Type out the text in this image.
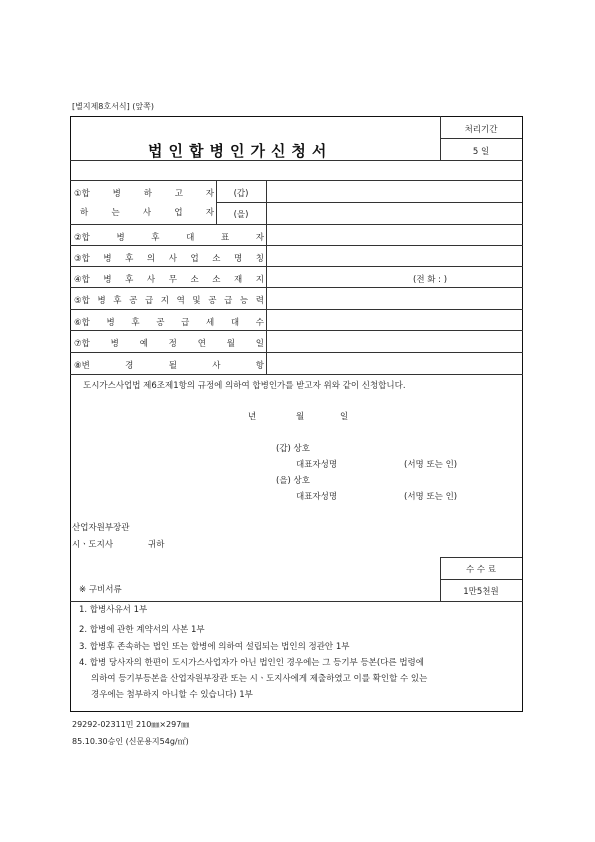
[별지제8호서식] (앞쪽)
법인합병인가신청서
처리기간
5 일
①합	병	하	고	자
하	는	사	업	자
(갑)
(을)
②합	병	후	대	표	자
③합 병 후 의 사 업 소 명 칭
④합 병 후 사 무 소 소 재 지	(전 화 : )
⑤합 병 후 공 급 지 역 및 공 급 능 력
⑥합 병 후 공 급 세 대 수
⑦합 병 예 정 연 월 일
⑧변	경	될	사	항
도시가스사업법 제6조제1항의 규정에 의하여 합병인가를 받고자 위와 같이 신청합니다.
년	월	일
(갑) 상호
대표자성명	(서명 또는 인)
(을) 상호
대표자성명	(서명 또는 인)
산업자원부장관
시ㆍ도지사	귀하
수 수 료
1만5천원
※ 구비서류
1. 합병사유서 1부
2. 합병에 관한 계약서의 사본 1부
3. 합병후 존속하는 법인 또는 합병에 의하여 설립되는 법인의 정관안 1부
4. 합병 당사자의 한편이 도시가스사업자가 아닌 법인인 경우에는 그 등기부 등본(다른 법령에
의하여 등기부등본을 산업자원부장관 또는 시ㆍ도지사에게 제출하였고 이를 확인할 수 있는
경우에는 첨부하지 아니할 수 있습니다) 1부
29292-02311민 210㎜×297㎜
85.10.30승인 (신문용지54g/㎡)
